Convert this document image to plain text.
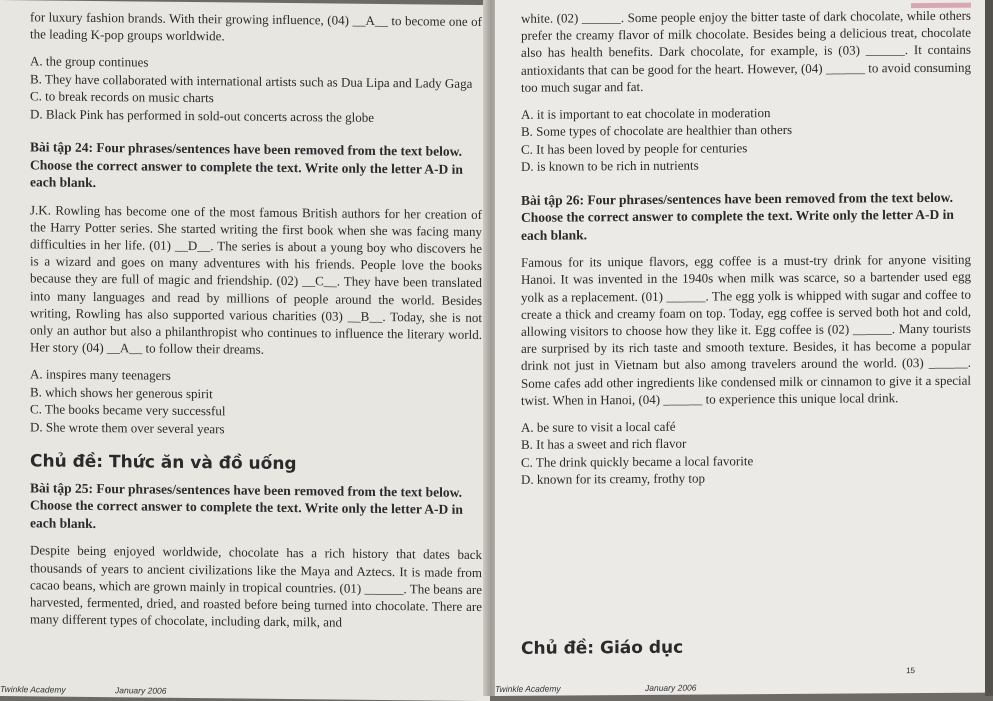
for luxury fashion brands. With their growing influence, (04) __A__ to become one of the leading K-pop groups worldwide.

A. the group continues

B. They have collaborated with international artists such as Dua Lipa and Lady Gaga

C. to break records on music charts

D. Black Pink has performed in sold-out concerts across the globe

Bài tập 24: Four phrases/sentences have been removed from the text below.

Choose the correct answer to complete the text. Write only the letter A-D in each blank.

J.K. Rowling has become one of the most famous British authors for her creation of the Harry Potter series. She started writing the first book when she was facing many difficulties in her life. (01) __D__. The series is about a young boy who discovers he is a wizard and goes on many adventures with his friends. People love the books because they are full of magic and friendship. (02) __C__. They have been translated into many languages and read by millions of people around the world. Besides writing, Rowling has also supported various charities (03) __B__. Today, she is not only an author but also a philanthropist who continues to influence the literary world. Her story (04) __A__ to follow their dreams.

A. inspires many teenagers

B. which shows her generous spirit

C. The books became very successful

D. She wrote them over several years

Chủ đề: Thức ăn và đồ uống

Bài tập 25: Four phrases/sentences have been removed from the text below.

Choose the correct answer to complete the text. Write only the letter A-D in each blank.

Despite being enjoyed worldwide, chocolate has a rich history that dates back thousands of years to ancient civilizations like the Maya and Aztecs. It is made from cacao beans, which are grown mainly in tropical countries. (01) ______. The beans are harvested, fermented, dried, and roasted before being turned into chocolate. There are many different types of chocolate, including dark, milk, and

Twinkle Academy	January 2006

white. (02) ______. Some people enjoy the bitter taste of dark chocolate, while others prefer the creamy flavor of milk chocolate. Besides being a delicious treat, chocolate also has health benefits. Dark chocolate, for example, is (03) ______. It contains antioxidants that can be good for the heart. However, (04) ______ to avoid consuming too much sugar and fat.

A. it is important to eat chocolate in moderation

B. Some types of chocolate are healthier than others

C. It has been loved by people for centuries

D. is known to be rich in nutrients

Bài tập 26: Four phrases/sentences have been removed from the text below.

Choose the correct answer to complete the text. Write only the letter A-D in each blank.

Famous for its unique flavors, egg coffee is a must-try drink for anyone visiting Hanoi. It was invented in the 1940s when milk was scarce, so a bartender used egg yolk as a replacement. (01) ______. The egg yolk is whipped with sugar and coffee to create a thick and creamy foam on top. Today, egg coffee is served both hot and cold, allowing visitors to choose how they like it. Egg coffee is (02) ______. Many tourists are surprised by its rich taste and smooth texture. Besides, it has become a popular drink not just in Vietnam but also among travelers around the world. (03) ______. Some cafes add other ingredients like condensed milk or cinnamon to give it a special twist. When in Hanoi, (04) ______ to experience this unique local drink.

A. be sure to visit a local café

B. It has a sweet and rich flavor

C. The drink quickly became a local favorite

D. known for its creamy, frothy top

Chủ đề: Giáo dục

15
Twinkle Academy	January 2006
